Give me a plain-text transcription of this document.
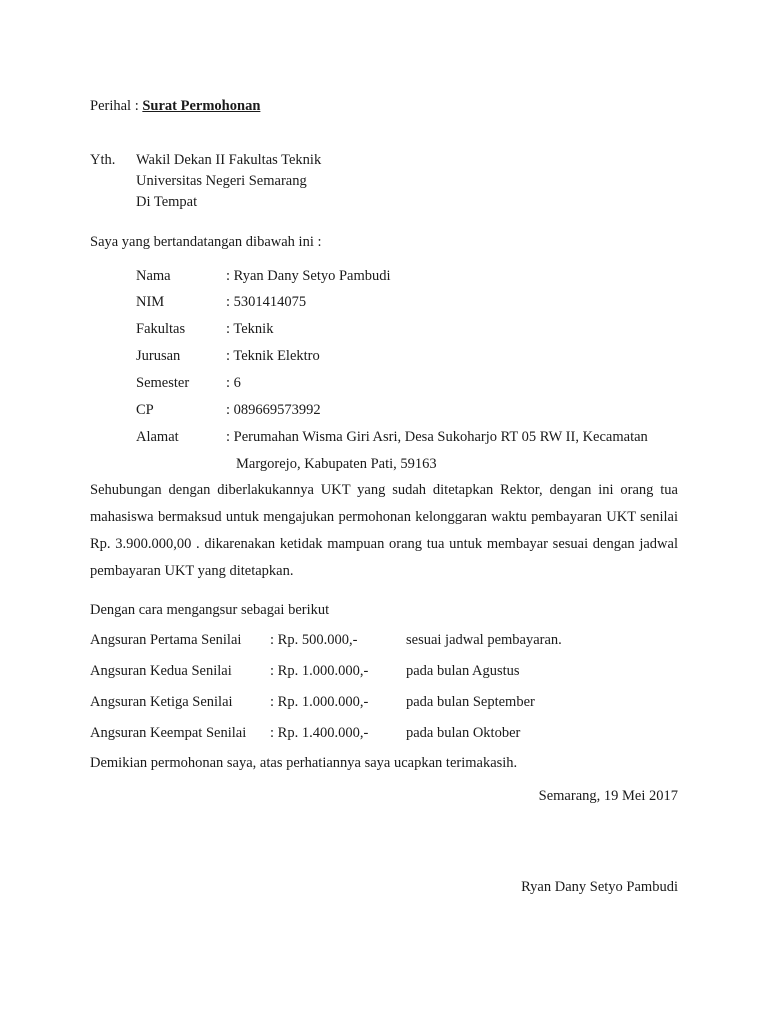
Perihal : Surat Permohonan
Yth. Wakil Dekan II Fakultas Teknik
Universitas Negeri Semarang
Di Tempat
Saya yang bertandatangan dibawah ini :
Nama	: Ryan Dany Setyo Pambudi
NIM	: 5301414075
Fakultas	: Teknik
Jurusan	: Teknik Elektro
Semester	: 6
CP	: 089669573992
Alamat	: Perumahan Wisma Giri Asri, Desa Sukoharjo RT 05 RW II, Kecamatan
Margorejo, Kabupaten Pati, 59163
Sehubungan dengan diberlakukannya UKT yang sudah ditetapkan Rektor, dengan ini orang tua mahasiswa bermaksud untuk mengajukan permohonan kelonggaran waktu pembayaran UKT senilai Rp. 3.900.000,00 . dikarenakan ketidak mampuan orang tua untuk membayar sesuai dengan jadwal pembayaran UKT yang ditetapkan.
Dengan cara mengangsur sebagai berikut
Angsuran Pertama Senilai : Rp. 500.000,-	sesuai jadwal pembayaran.
Angsuran Kedua Senilai	: Rp. 1.000.000,-	pada bulan Agustus
Angsuran Ketiga Senilai	: Rp. 1.000.000,-	pada bulan September
Angsuran Keempat Senilai : Rp. 1.400.000,-	pada bulan Oktober
Demikian permohonan saya, atas perhatiannya saya ucapkan terimakasih.
Semarang, 19 Mei 2017
Ryan Dany Setyo Pambudi
